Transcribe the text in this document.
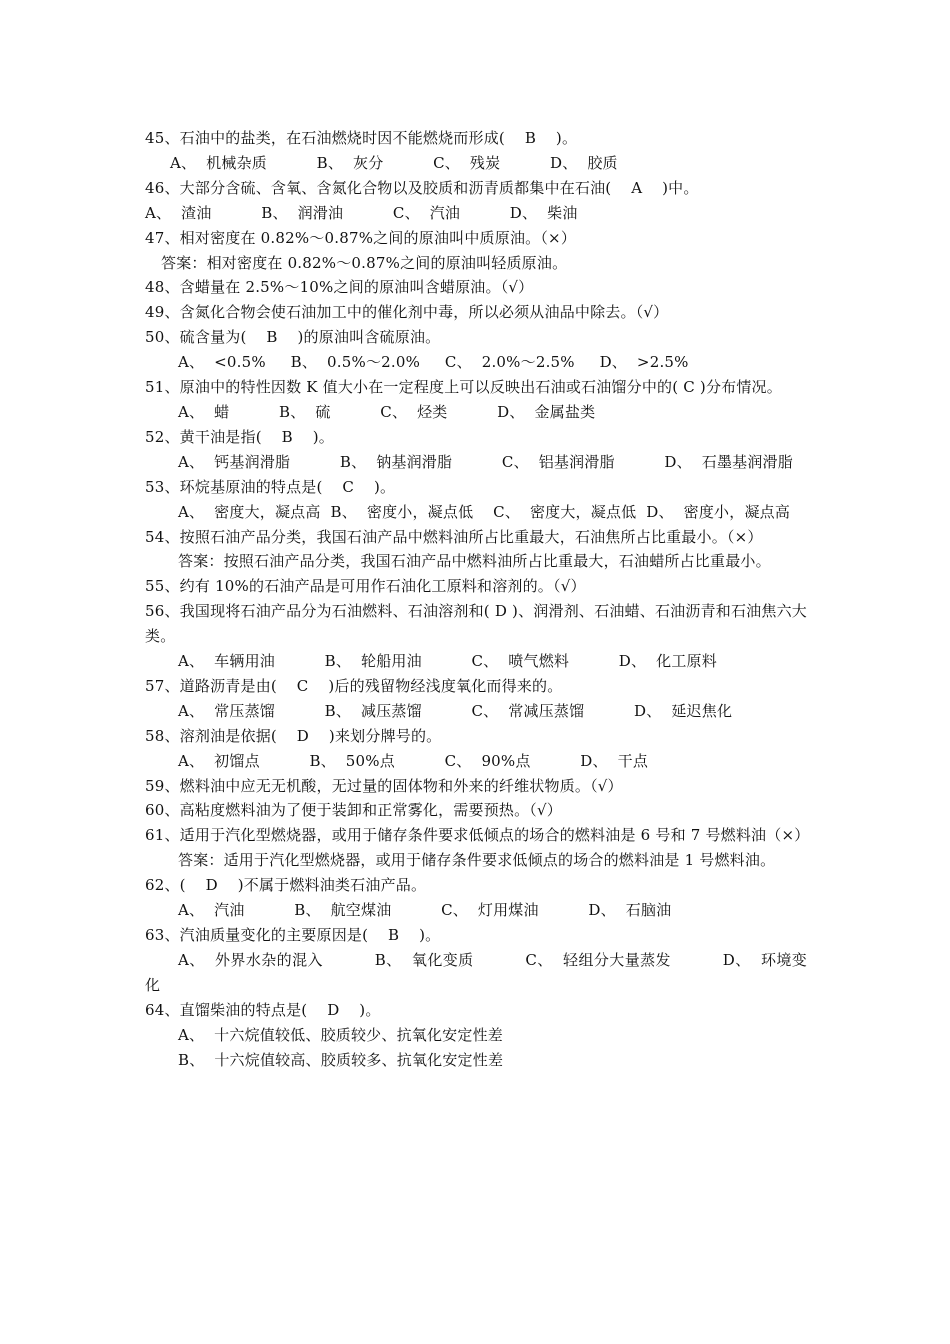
45、石油中的盐类，在石油燃烧时因不能燃烧而形成(    B    )。
A、  机械杂质          B、  灰分          C、  残炭          D、  胶质
46、大部分含硫、含氧、含氮化合物以及胶质和沥青质都集中在石油(    A    )中。
A、  渣油          B、  润滑油          C、  汽油          D、  柴油
47、相对密度在 0.82%～0.87%之间的原油叫中质原油。（×）
答案：相对密度在 0.82%～0.87%之间的原油叫轻质原油。
48、含蜡量在 2.5%～10%之间的原油叫含蜡原油。（√）
49、含氮化合物会使石油加工中的催化剂中毒，所以必须从油品中除去。（√）
50、硫含量为(    B    )的原油叫含硫原油。
A、  <0.5%     B、  0.5%～2.0%     C、  2.0%～2.5%     D、  >2.5%
51、原油中的特性因数 K 值大小在一定程度上可以反映出石油或石油馏分中的( C )分布情况。
A、  蜡          B、  硫          C、  烃类          D、  金属盐类
52、黄干油是指(    B    )。
A、  钙基润滑脂          B、  钠基润滑脂          C、  铝基润滑脂          D、  石墨基润滑脂
53、环烷基原油的特点是(    C    )。
A、  密度大，凝点高  B、  密度小，凝点低    C、  密度大，凝点低  D、  密度小，凝点高
54、按照石油产品分类，我国石油产品中燃料油所占比重最大，石油焦所占比重最小。（×）
答案：按照石油产品分类，我国石油产品中燃料油所占比重最大，石油蜡所占比重最小。
55、约有 10%的石油产品是可用作石油化工原料和溶剂的。（√）
56、我国现将石油产品分为石油燃料、石油溶剂和( D )、润滑剂、石油蜡、石油沥青和石油焦六大类。
A、  车辆用油          B、  轮船用油          C、  喷气燃料          D、  化工原料
57、道路沥青是由(    C    )后的残留物经浅度氧化而得来的。
A、  常压蒸馏          B、  减压蒸馏          C、  常减压蒸馏          D、  延迟焦化
58、溶剂油是依据(    D    )来划分牌号的。
A、  初馏点          B、  50%点          C、  90%点          D、  干点
59、燃料油中应无无机酸，无过量的固体物和外来的纤维状物质。（√）
60、高粘度燃料油为了便于装卸和正常雾化，需要预热。（√）
61、适用于汽化型燃烧器，或用于储存条件要求低倾点的场合的燃料油是 6 号和 7 号燃料油（×）
答案：适用于汽化型燃烧器，或用于储存条件要求低倾点的场合的燃料油是 1 号燃料油。
62、(    D    )不属于燃料油类石油产品。
A、  汽油          B、  航空煤油          C、  灯用煤油          D、  石脑油
63、汽油质量变化的主要原因是(    B    )。
A、  外界水杂的混入          B、  氧化变质          C、  轻组分大量蒸发          D、  环境变化
64、直馏柴油的特点是(    D    )。
A、  十六烷值较低、胶质较少、抗氧化安定性差
B、  十六烷值较高、胶质较多、抗氧化安定性差
